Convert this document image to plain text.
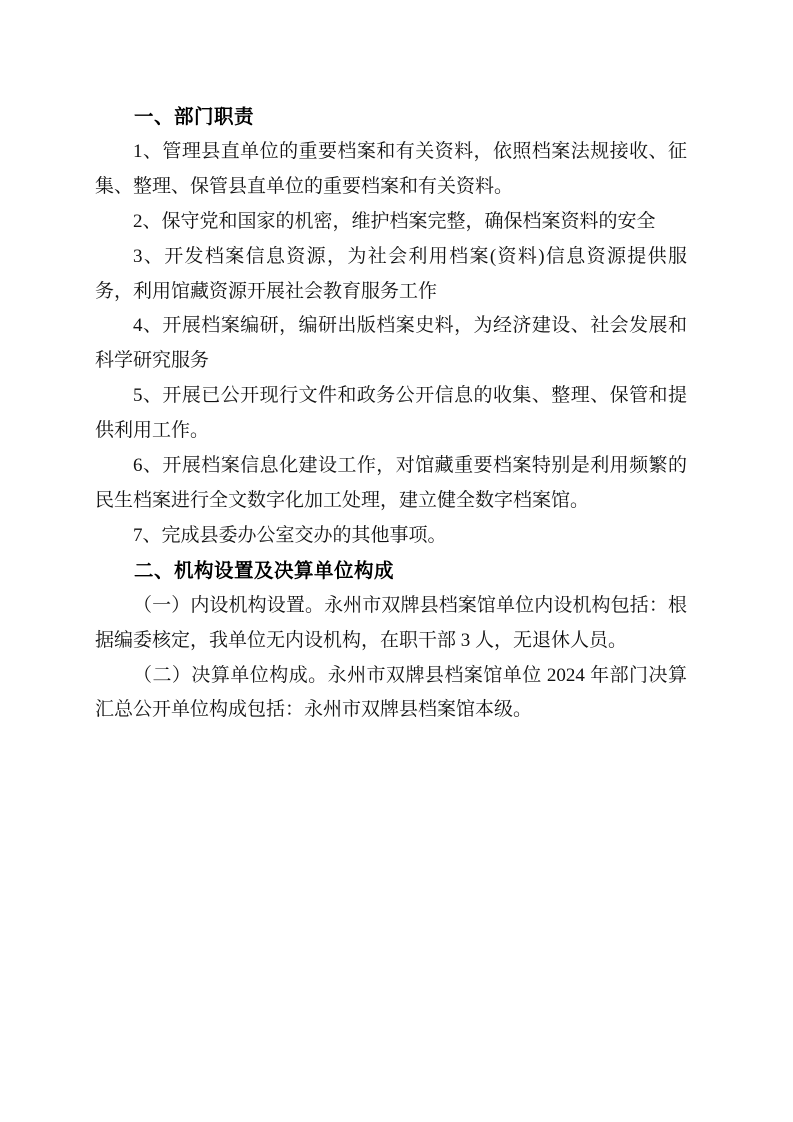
一、部门职责

1、管理县直单位的重要档案和有关资料，依照档案法规接收、征集、整理、保管县直单位的重要档案和有关资料。

2、保守党和国家的机密，维护档案完整，确保档案资料的安全

3、开发档案信息资源，为社会利用档案(资料)信息资源提供服务，利用馆藏资源开展社会教育服务工作

4、开展档案编研，编研出版档案史料，为经济建设、社会发展和科学研究服务

5、开展已公开现行文件和政务公开信息的收集、整理、保管和提供利用工作。

6、开展档案信息化建设工作，对馆藏重要档案特别是利用频繁的民生档案进行全文数字化加工处理，建立健全数字档案馆。

7、完成县委办公室交办的其他事项。

二、机构设置及决算单位构成

（一）内设机构设置。永州市双牌县档案馆单位内设机构包括：根据编委核定，我单位无内设机构，在职干部 3 人，无退休人员。

（二）决算单位构成。永州市双牌县档案馆单位 2024 年部门决算汇总公开单位构成包括：永州市双牌县档案馆本级。
